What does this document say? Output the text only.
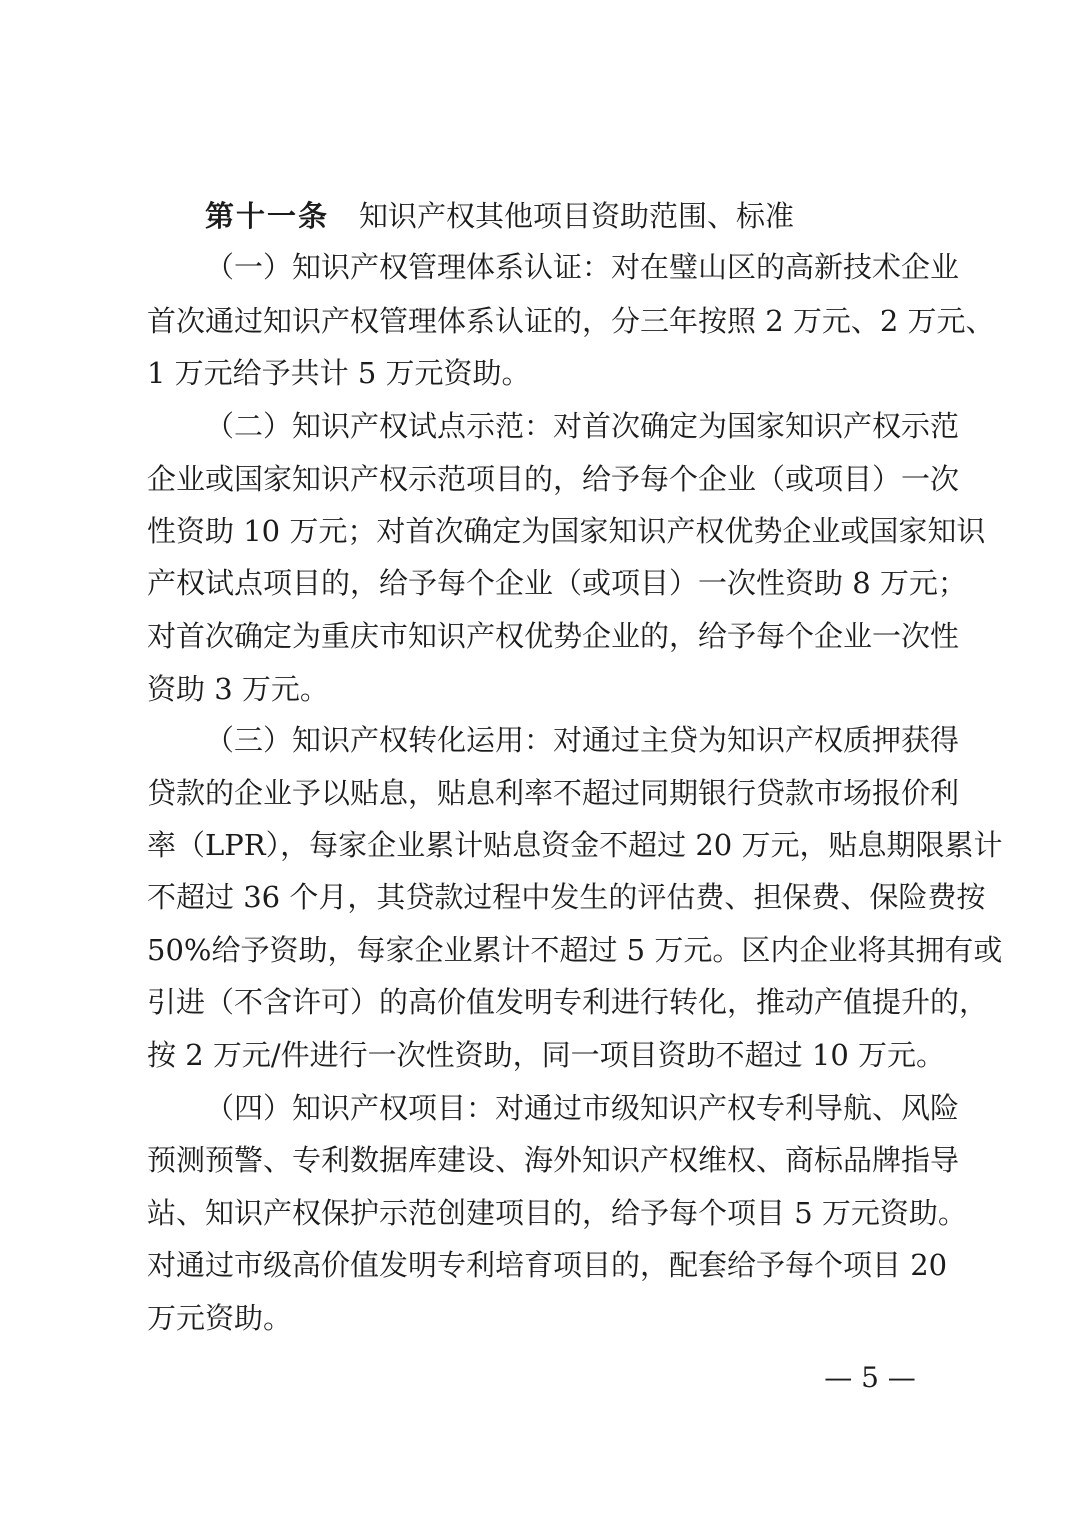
第十一条 知识产权其他项目资助范围、标准
（一）知识产权管理体系认证：对在璧山区的高新技术企业
首次通过知识产权管理体系认证的，分三年按照 2 万元、2 万元、
1 万元给予共计 5 万元资助。
（二）知识产权试点示范：对首次确定为国家知识产权示范
企业或国家知识产权示范项目的，给予每个企业（或项目）一次
性资助 10 万元；对首次确定为国家知识产权优势企业或国家知识
产权试点项目的，给予每个企业（或项目）一次性资助 8 万元；
对首次确定为重庆市知识产权优势企业的，给予每个企业一次性
资助 3 万元。
（三）知识产权转化运用：对通过主贷为知识产权质押获得
贷款的企业予以贴息，贴息利率不超过同期银行贷款市场报价利
率（LPR），每家企业累计贴息资金不超过 20 万元，贴息期限累计
不超过 36 个月，其贷款过程中发生的评估费、担保费、保险费按
50%给予资助，每家企业累计不超过 5 万元。区内企业将其拥有或
引进（不含许可）的高价值发明专利进行转化，推动产值提升的，
按 2 万元/件进行一次性资助，同一项目资助不超过 10 万元。
（四）知识产权项目：对通过市级知识产权专利导航、风险
预测预警、专利数据库建设、海外知识产权维权、商标品牌指导
站、知识产权保护示范创建项目的，给予每个项目 5 万元资助。
对通过市级高价值发明专利培育项目的，配套给予每个项目 20
万元资助。
— 5 —
